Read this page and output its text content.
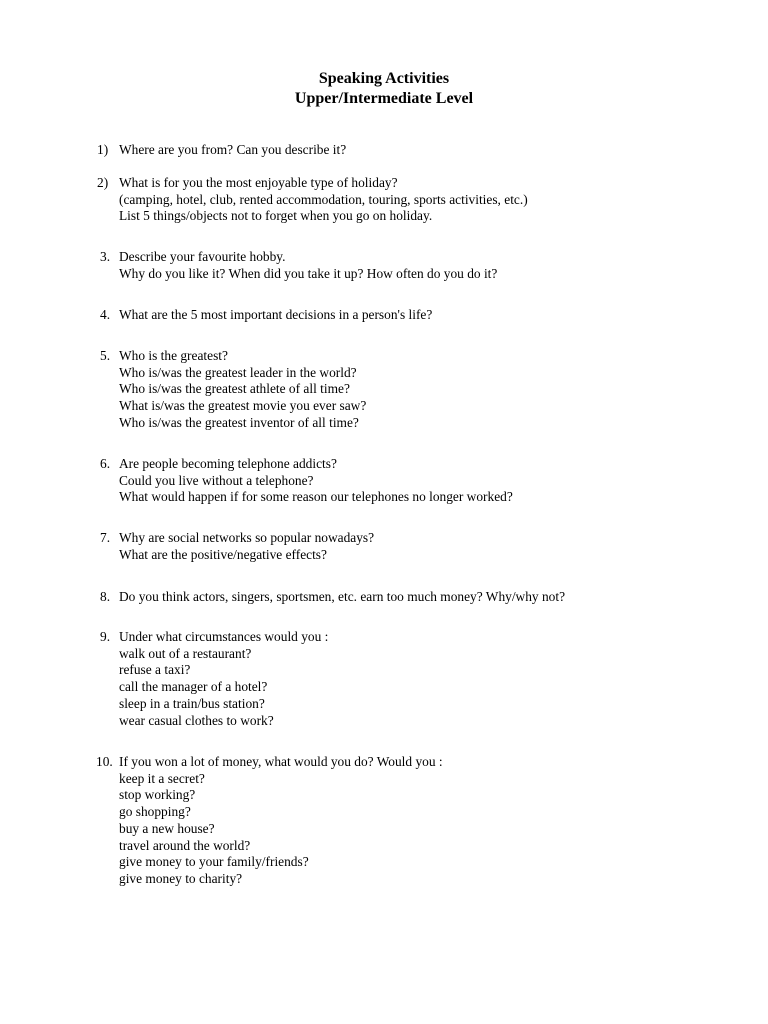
Speaking Activities
Upper/Intermediate Level
1) Where are you from? Can you describe it?
2) What is for you the most enjoyable type of holiday?
(camping, hotel, club, rented accommodation, touring, sports activities, etc.)
List 5 things/objects not to forget when you go on holiday.
3. Describe your favourite hobby.
Why do you like it? When did you take it up? How often do you do it?
4. What are the 5 most important decisions in a person's life?
5. Who is the greatest?
Who is/was the greatest leader in the world?
Who is/was the greatest athlete of all time?
What is/was the greatest movie you ever saw?
Who is/was the greatest inventor of all time?
6. Are people becoming telephone addicts?
Could you live without a telephone?
What would happen if for some reason our telephones no longer worked?
7. Why are social networks so popular nowadays?
What are the positive/negative effects?
8. Do you think actors, singers, sportsmen, etc. earn too much money? Why/why not?
9. Under what circumstances would you :
walk out of a restaurant?
refuse a taxi?
call the manager of a hotel?
sleep in a train/bus station?
wear casual clothes to work?
10. If you won a lot of money, what would you do? Would you :
keep it a secret?
stop working?
go shopping?
buy a new house?
travel around the world?
give money to your family/friends?
give money to charity?
